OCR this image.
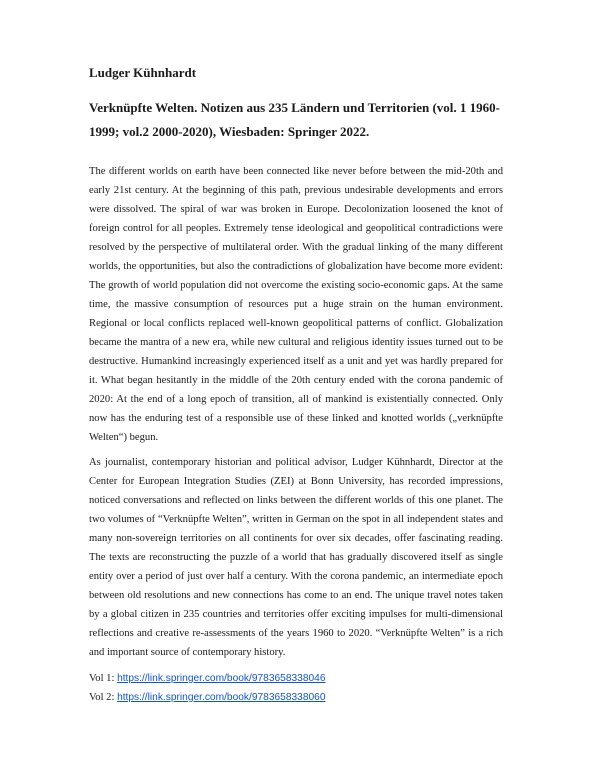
Ludger Kühnhardt

Verknüpfte Welten. Notizen aus 235 Ländern und Territorien (vol. 1 1960-1999; vol.2 2000-2020), Wiesbaden: Springer 2022.

The different worlds on earth have been connected like never before between the mid-20th and early 21st century. At the beginning of this path, previous undesirable developments and errors were dissolved. The spiral of war was broken in Europe. Decolonization loosened the knot of foreign control for all peoples. Extremely tense ideological and geopolitical contradictions were resolved by the perspective of multilateral order. With the gradual linking of the many different worlds, the opportunities, but also the contradictions of globalization have become more evident: The growth of world population did not overcome the existing socio-economic gaps. At the same time, the massive consumption of resources put a huge strain on the human environment. Regional or local conflicts replaced well-known geopolitical patterns of conflict. Globalization became the mantra of a new era, while new cultural and religious identity issues turned out to be destructive. Humankind increasingly experienced itself as a unit and yet was hardly prepared for it. What began hesitantly in the middle of the 20th century ended with the corona pandemic of 2020: At the end of a long epoch of transition, all of mankind is existentially connected. Only now has the enduring test of a responsible use of these linked and knotted worlds („verknüpfte Welten“) begun.

As journalist, contemporary historian and political advisor, Ludger Kühnhardt, Director at the Center for European Integration Studies (ZEI) at Bonn University, has recorded impressions, noticed conversations and reflected on links between the different worlds of this one planet. The two volumes of “Verknüpfte Welten”, written in German on the spot in all independent states and many non-sovereign territories on all continents for over six decades, offer fascinating reading. The texts are reconstructing the puzzle of a world that has gradually discovered itself as single entity over a period of just over half a century. With the corona pandemic, an intermediate epoch between old resolutions and new connections has come to an end. The unique travel notes taken by a global citizen in 235 countries and territories offer exciting impulses for multi-dimensional reflections and creative re-assessments of the years 1960 to 2020. “Verknüpfte Welten” is a rich and important source of contemporary history.

Vol 1: https://link.springer.com/book/9783658338046

Vol 2: https://link.springer.com/book/9783658338060
